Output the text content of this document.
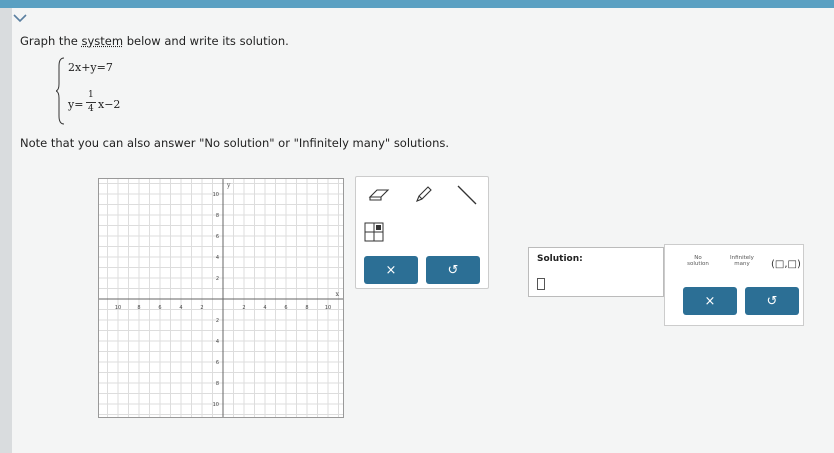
Graph the system below and write its solution.
2x+y=7
y=
1
4 x−2
Note that you can also answer "No solution" or "Infinitely many" solutions.
10	8	6	4	2	2	4	6	8	10
10
8
6
4
2
2
4
6
8
10
x
y
×	↺
Solution:	No solution
Infinitely many	(□,□)
×	↺
